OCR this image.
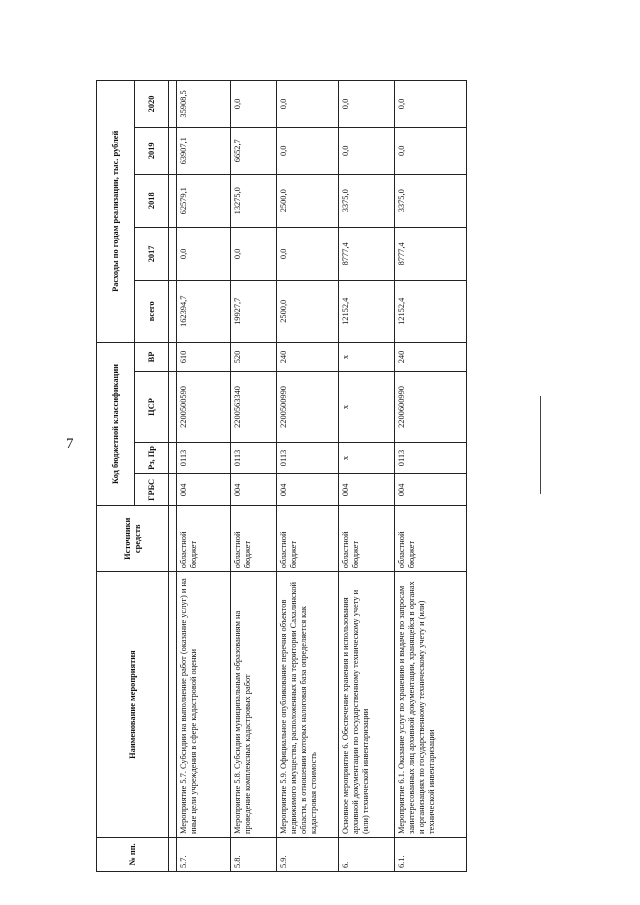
7
№ пп.	Наименование мероприятия	Источники средств	Код бюджетной классификации				Расходы по годам реализации, тыс. рублей				
			ГРБС	Рз, Пр	ЦСР	ВР	всего	2017	2018	2019	2020

5.7.	Мероприятие 5.7. Субсидии на выполнение работ (оказание услуг) и на иные цели учреждения в сфере кадастровой оценки	областной бюджет	004	0113	2200500590	610	162394,7	0,0	62579,1	63907,1	35908,5
5.8.	Мероприятие 5.8. Субсидии муниципальным образованиям на проведение комплексных кадастровых работ	областной бюджет	004	0113	2200563340	520	19927,7	0,0	13275,0	6652,7	0,0
5.9.	Мероприятие 5.9. Официальное опубликование перечня объектов недвижимого имущества, расположенных на территории Сахалинской области, в отношении которых налоговая база определяется как кадастровая стоимость	областной бюджет	004	0113	2200500990	240	2500,0	0,0	2500,0	0,0	0,0
6.	Основное мероприятие 6. Обеспечение хранения и использования архивной документации по государственному техническому учету и (или) технической инвентаризации	областной бюджет	004	х	х	х	12152,4	8777,4	3375,0	0,0	0,0
6.1.	Мероприятие 6.1. Оказание услуг по хранению и выдаче по запросам заинтересованных лиц архивной документации, хранящейся в органах и организациях по государственному техническому учету и (или) технической инвентаризации	областной бюджет	004	0113	2200600990	240	12152,4	8777,4	3375,0	0,0	0,0
